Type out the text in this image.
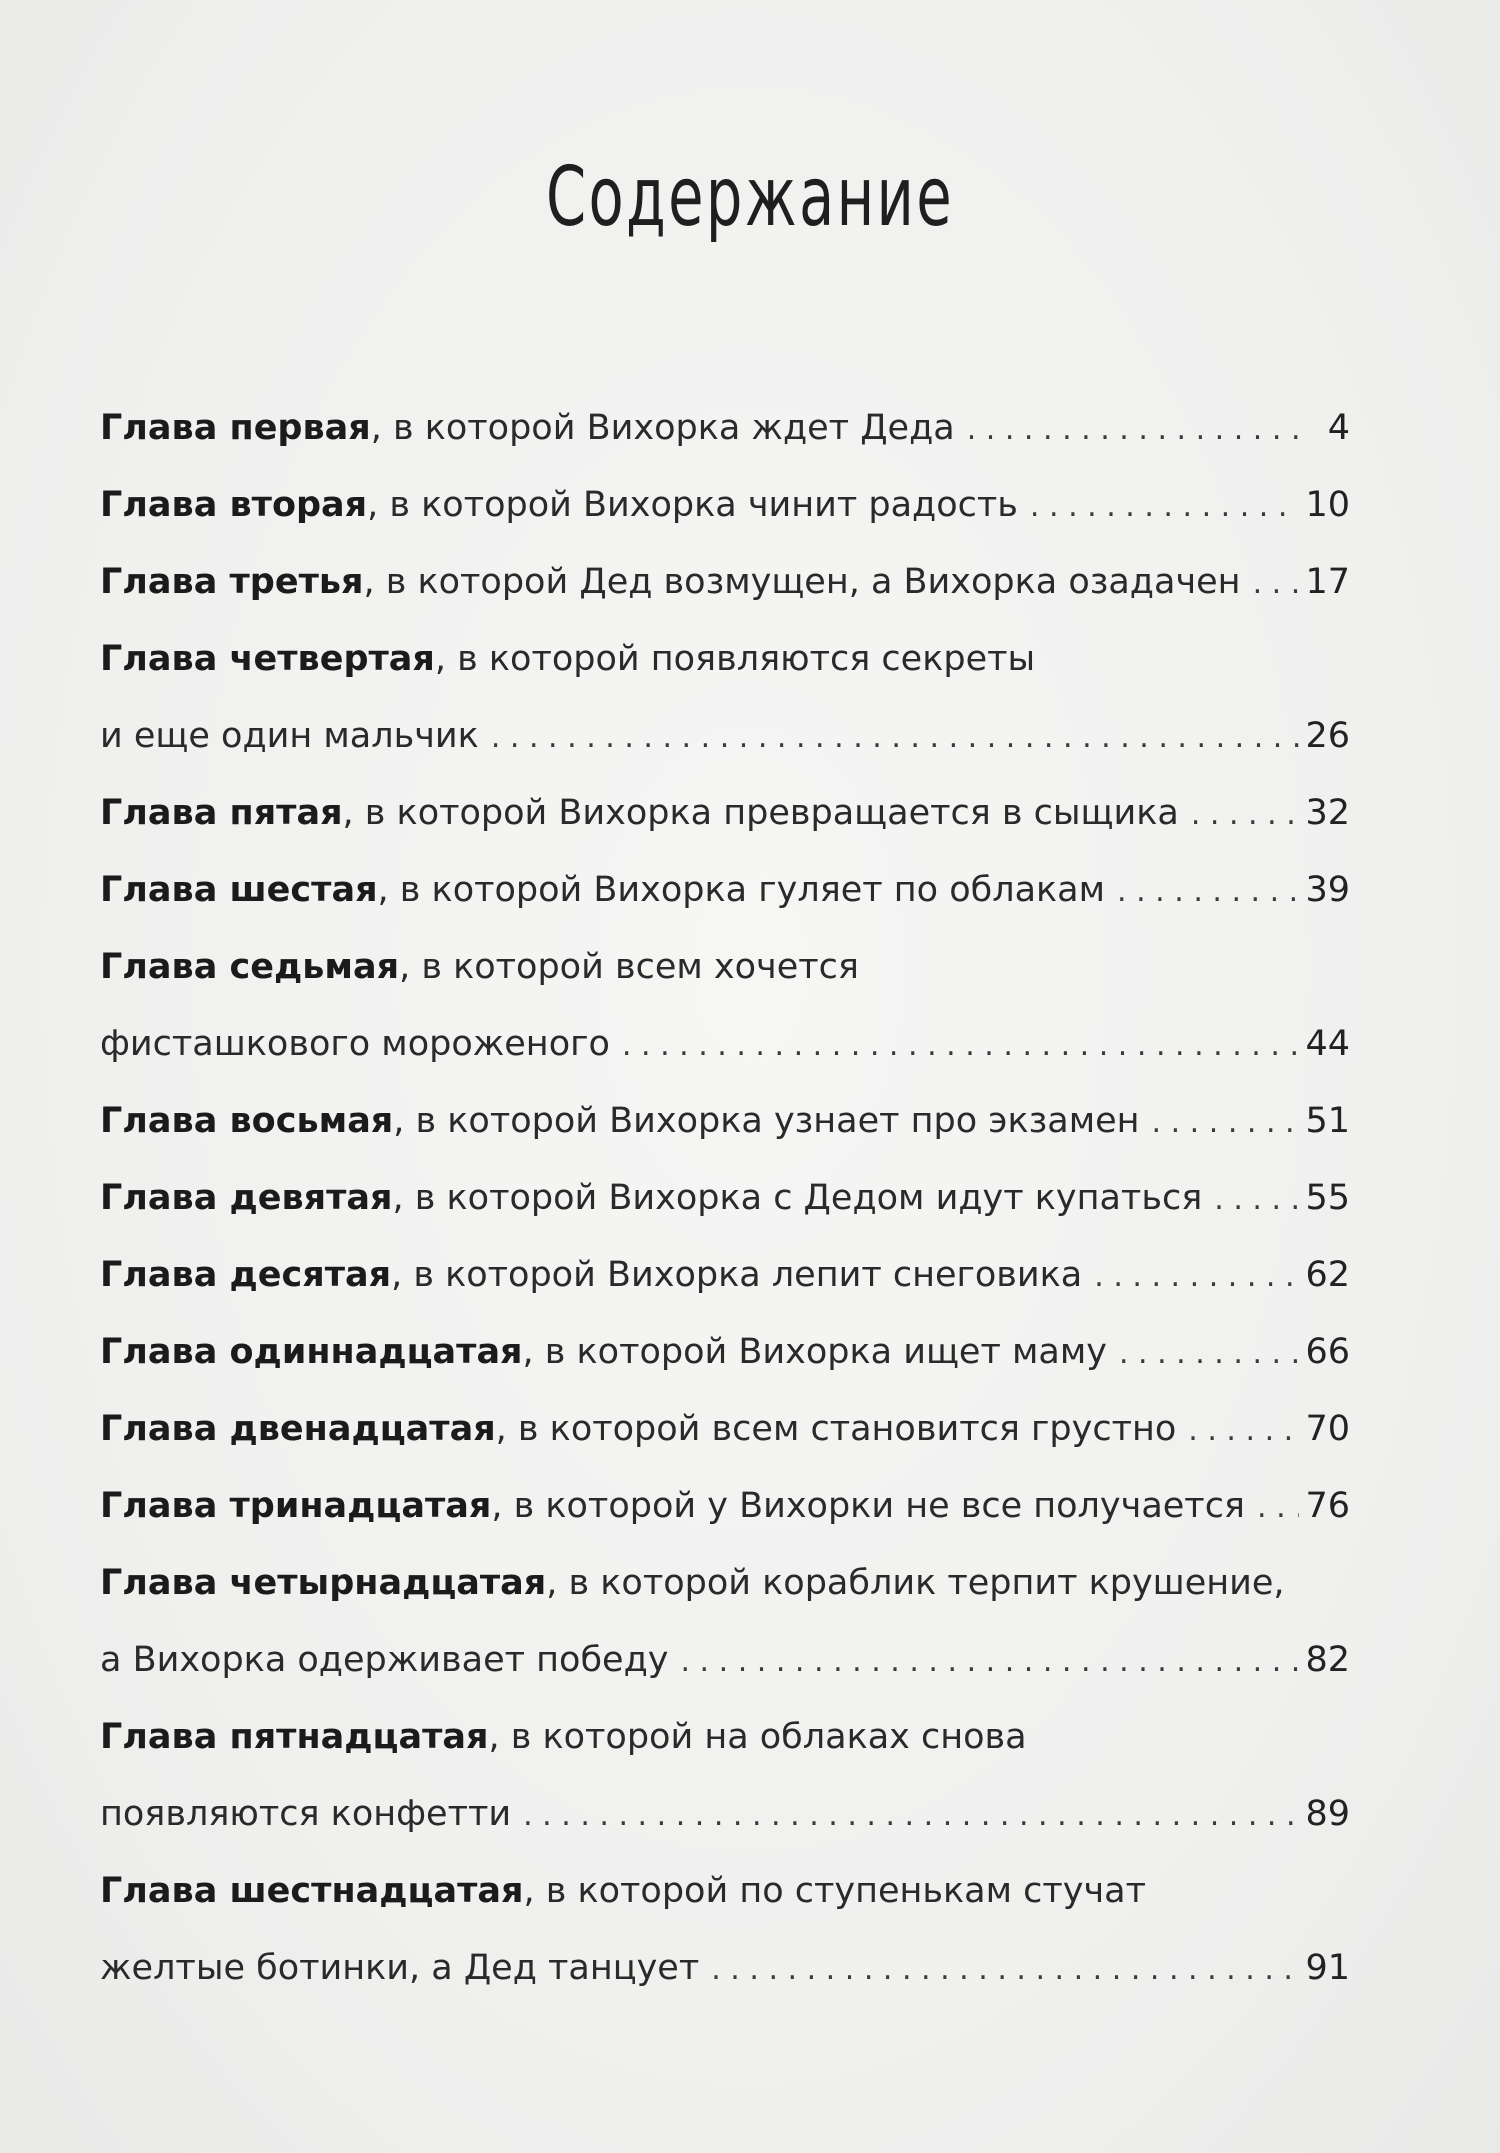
Содержание
Глава первая, в которой Вихорка ждет Деда . . .	4
Глава вторая, в которой Вихорка чинит радость . . .	10
Глава третья, в которой Дед возмущен, а Вихорка озадачен . . . 17
Глава четвертая, в которой появляются секреты
и еще один мальчик . . .	26
Глава пятая, в которой Вихорка превращается в сыщика . . .	32
Глава шестая, в которой Вихорка гуляет по облакам . . .	39
Глава седьмая, в которой всем хочется
фисташкового мороженого . . .	44
Глава восьмая, в которой Вихорка узнает про экзамен . . .	51
Глава девятая, в которой Вихорка с Дедом идут купаться . . .	55
Глава десятая, в которой Вихорка лепит снеговика . . .	62
Глава одиннадцатая, в которой Вихорка ищет маму . . .	66
Глава двенадцатая, в которой всем становится грустно . . .	70
Глава тринадцатая, в которой у Вихорки не все получается . . . 76
Глава четырнадцатая, в которой кораблик терпит крушение,
а Вихорка одерживает победу . . .	82
Глава пятнадцатая, в которой на облаках снова
появляются конфетти . . .	89
Глава шестнадцатая, в которой по ступенькам стучат
желтые ботинки, а Дед танцует . . .	91
